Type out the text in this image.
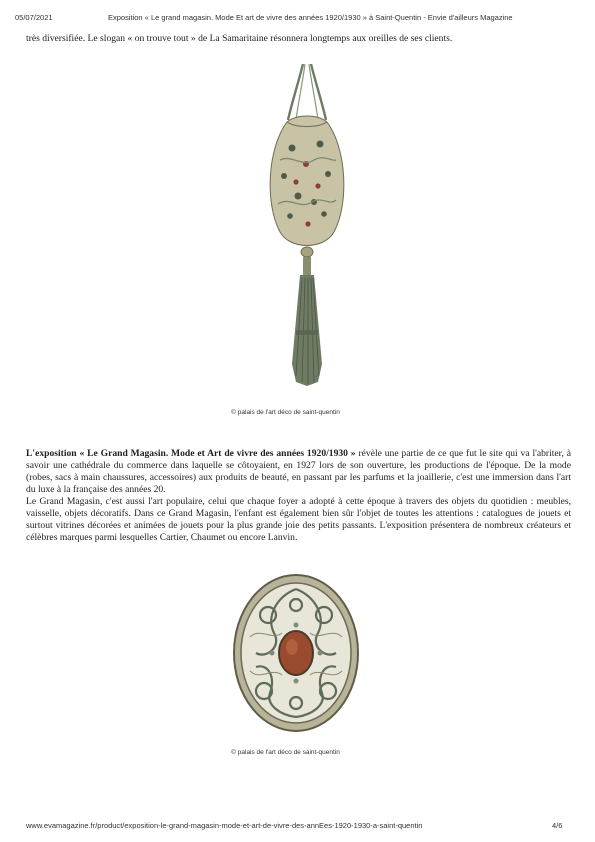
05/07/2021	Exposition « Le grand magasin. Mode Et art de vivre des années 1920/1930 » à Saint-Quentin - Envie d'ailleurs Magazine
très diversifiée. Le slogan « on trouve tout » de La Samaritaine résonnera longtemps aux oreilles de ses clients.
© palais de l'art déco de saint-quentin

L'exposition « Le Grand Magasin. Mode et Art de vivre des années 1920/1930 » révèle une partie de ce que fut le site qui va l'abriter, à savoir une cathédrale du commerce dans laquelle se côtoyaient, en 1927 lors de son ouverture, les productions de l'époque. De la mode (robes, sacs à main chaussures, accessoires) aux produits de beauté, en passant par les parfums et la joaillerie, c'est une immersion dans l'art du luxe à la française des années 20.

Le Grand Magasin, c'est aussi l'art populaire, celui que chaque foyer a adopté à cette époque à travers des objets du quotidien : meubles, vaisselle, objets décoratifs. Dans ce Grand Magasin, l'enfant est également bien sûr l'objet de toutes les attentions : catalogues de jouets et surtout vitrines décorées et animées de jouets pour la plus grande joie des petits passants. L'exposition présentera de nombreux créateurs et célèbres marques parmi lesquelles Cartier, Chaumet ou encore Lanvin.

© palais de l'art déco de saint-quentin
www.evamagazine.fr/product/exposition-le-grand-magasin-mode-et-art-de-vivre-des-annEes-1920-1930-a-saint-quentin	4/6
